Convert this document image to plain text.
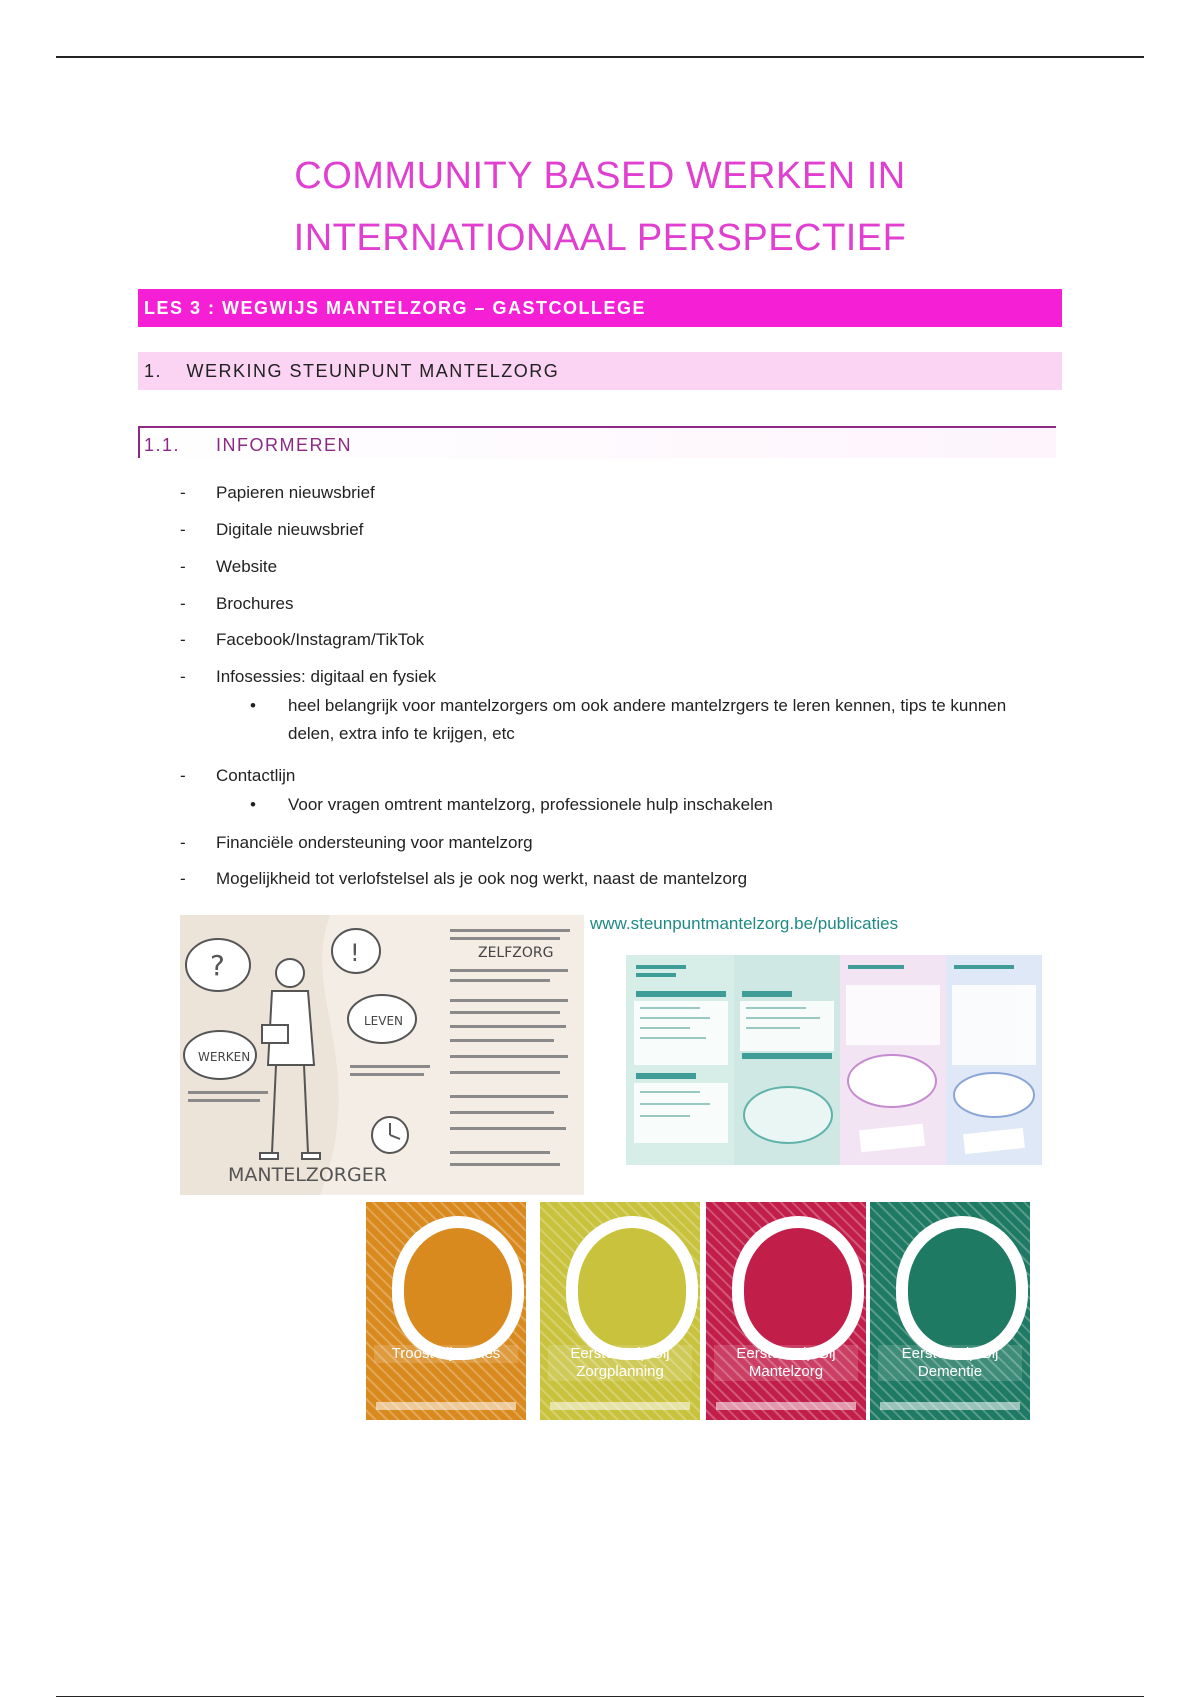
COMMUNITY BASED WERKEN IN
INTERNATIONAAL PERSPECTIEF
LES 3 : WEGWIJS MANTELZORG – GASTCOLLEGE
1. WERKING STEUNPUNT MANTELZORG
1.1. INFORMEREN
- Papieren nieuwsbrief
- Digitale nieuwsbrief
- Website
- Brochures
- Facebook/Instagram/TikTok
- Infosessies: digitaal en fysiek
• heel belangrijk voor mantelzorgers om ook andere mantelzrgers te leren kennen, tips te kunnen delen, extra info te krijgen, etc
- Contactlijn
• Voor vragen omtrent mantelzorg, professionele hulp inschakelen
- Financiële ondersteuning voor mantelzorg
- Mogelijkheid tot verlofstelsel als je ook nog werkt, naast de mantelzorg
?	!
WERKEN
LEVEN
ZELFZORG
MANTELZORGER
www.steunpuntmantelzorg.be/publicaties
Troost bij verlies	Eerste Hulp Bij Zorgplanning
Eerste Hulp Bij Mantelzorg
Eerste hulp Bij Dementie
